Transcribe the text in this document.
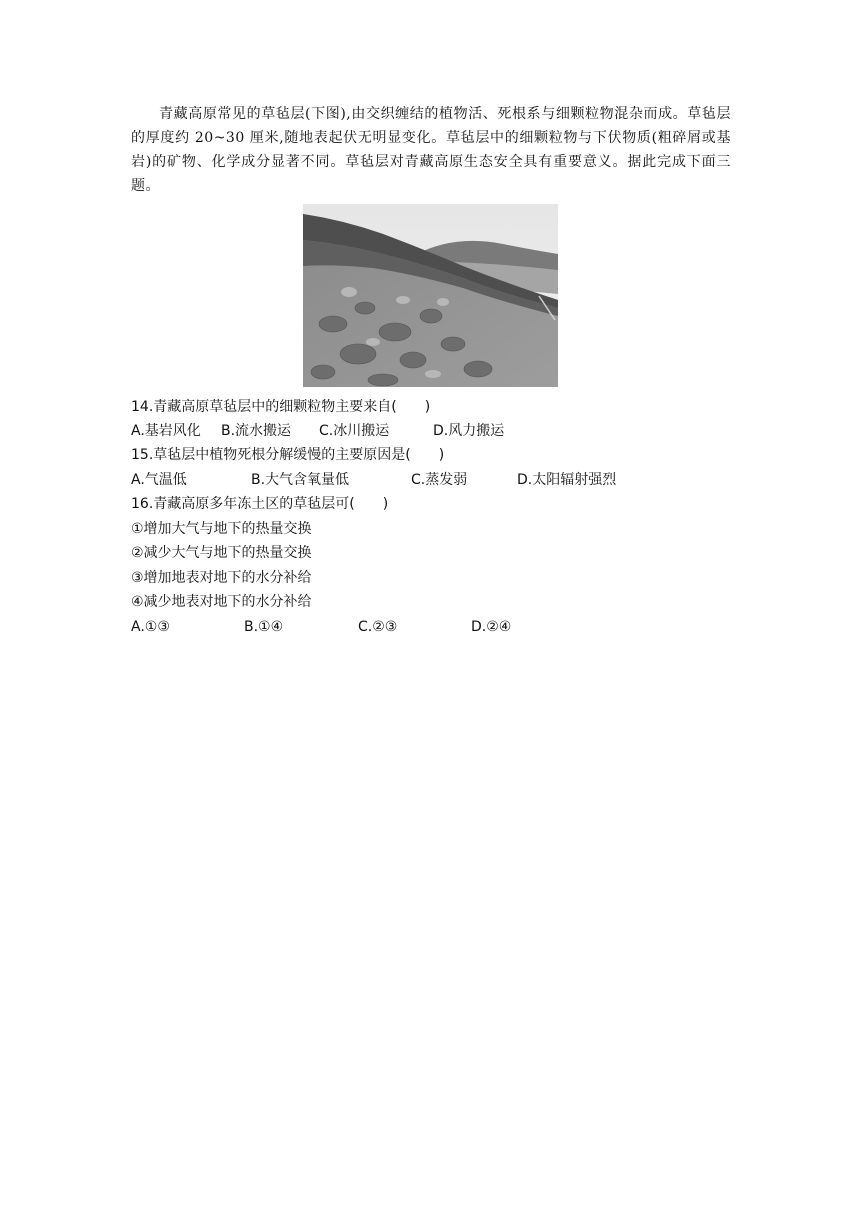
青藏高原常见的草毡层(下图),由交织缠结的植物活、死根系与细颗粒物混杂而成。草毡层的厚度约 20~30 厘米,随地表起伏无明显变化。草毡层中的细颗粒物与下伏物质(粗碎屑或基岩)的矿物、化学成分显著不同。草毡层对青藏高原生态安全具有重要意义。据此完成下面三题。

14.青藏高原草毡层中的细颗粒物主要来自(　　)
A.基岩风化 B.流水搬运 C.冰川搬运	D.风力搬运
15.草毡层中植物死根分解缓慢的主要原因是(　　)
A.气温低	B.大气含氧量低	C.蒸发弱	D.太阳辐射强烈
16.青藏高原多年冻土区的草毡层可(　　)
①增加大气与地下的热量交换
②减少大气与地下的热量交换
③增加地表对地下的水分补给
④减少地表对地下的水分补给
A.①③	B.①④	C.②③	D.②④
